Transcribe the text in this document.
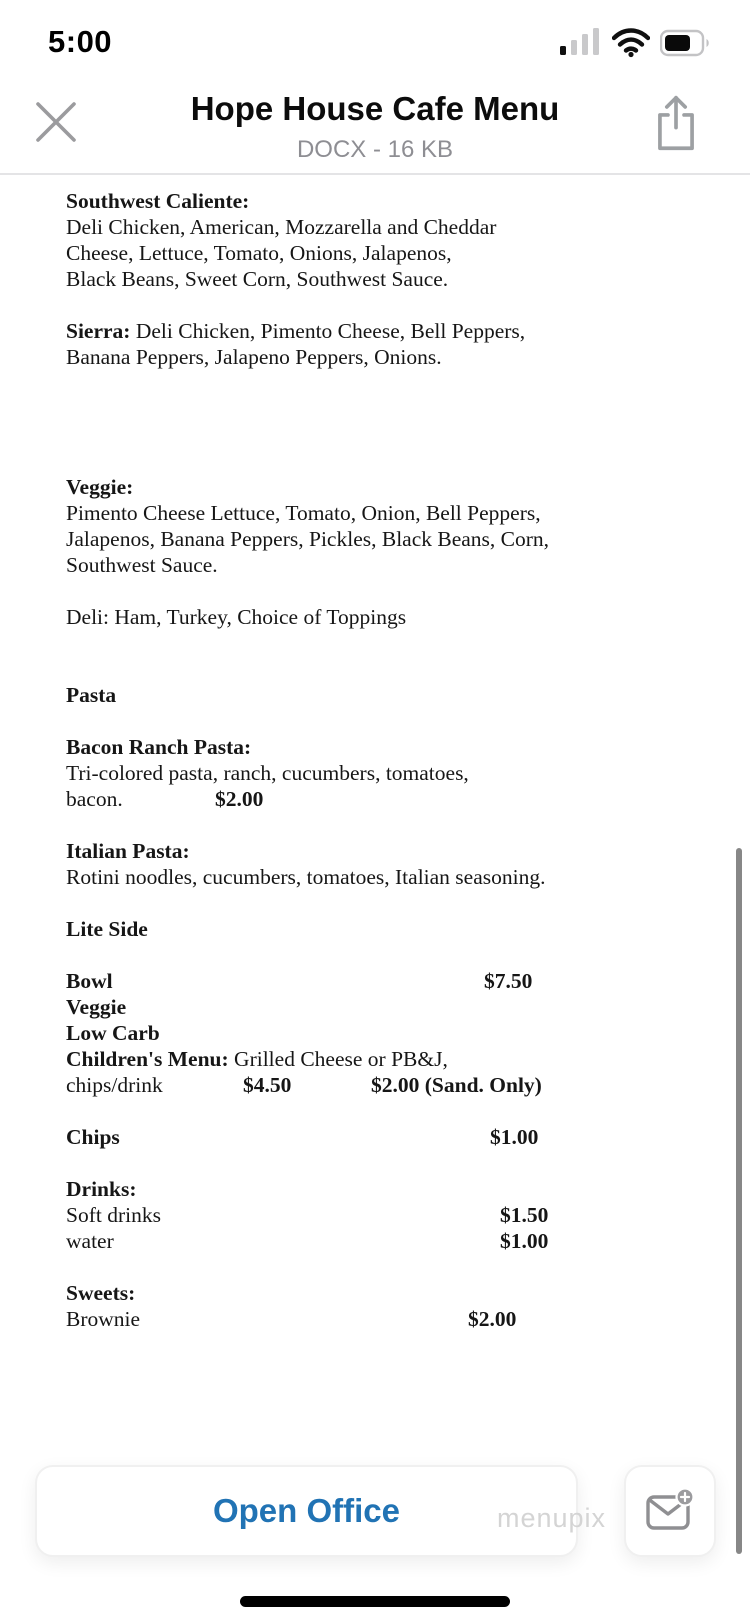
5:00
Hope House Cafe Menu
DOCX - 16 KB
Southwest Caliente:
Deli Chicken, American, Mozzarella and Cheddar
Cheese, Lettuce, Tomato, Onions, Jalapenos,
Black Beans, Sweet Corn, Southwest Sauce.
Sierra: Deli Chicken, Pimento Cheese, Bell Peppers,
Banana Peppers, Jalapeno Peppers, Onions.
Veggie:
Pimento Cheese Lettuce, Tomato, Onion, Bell Peppers,
Jalapenos, Banana Peppers, Pickles, Black Beans, Corn,
Southwest Sauce.
Deli: Ham, Turkey, Choice of Toppings
Pasta
Bacon Ranch Pasta:
Tri-colored pasta, ranch, cucumbers, tomatoes,
bacon.	$2.00
Italian Pasta:
Rotini noodles, cucumbers, tomatoes, Italian seasoning.
Lite Side
Bowl	$7.50
Veggie
Low Carb
Children's Menu: Grilled Cheese or PB&J,
chips/drink	$4.50	$2.00 (Sand. Only)
Chips	$1.00
Drinks:
Soft drinks	$1.50
water	$1.00
Sweets:
Brownie	$2.00
Open Office	menupix
